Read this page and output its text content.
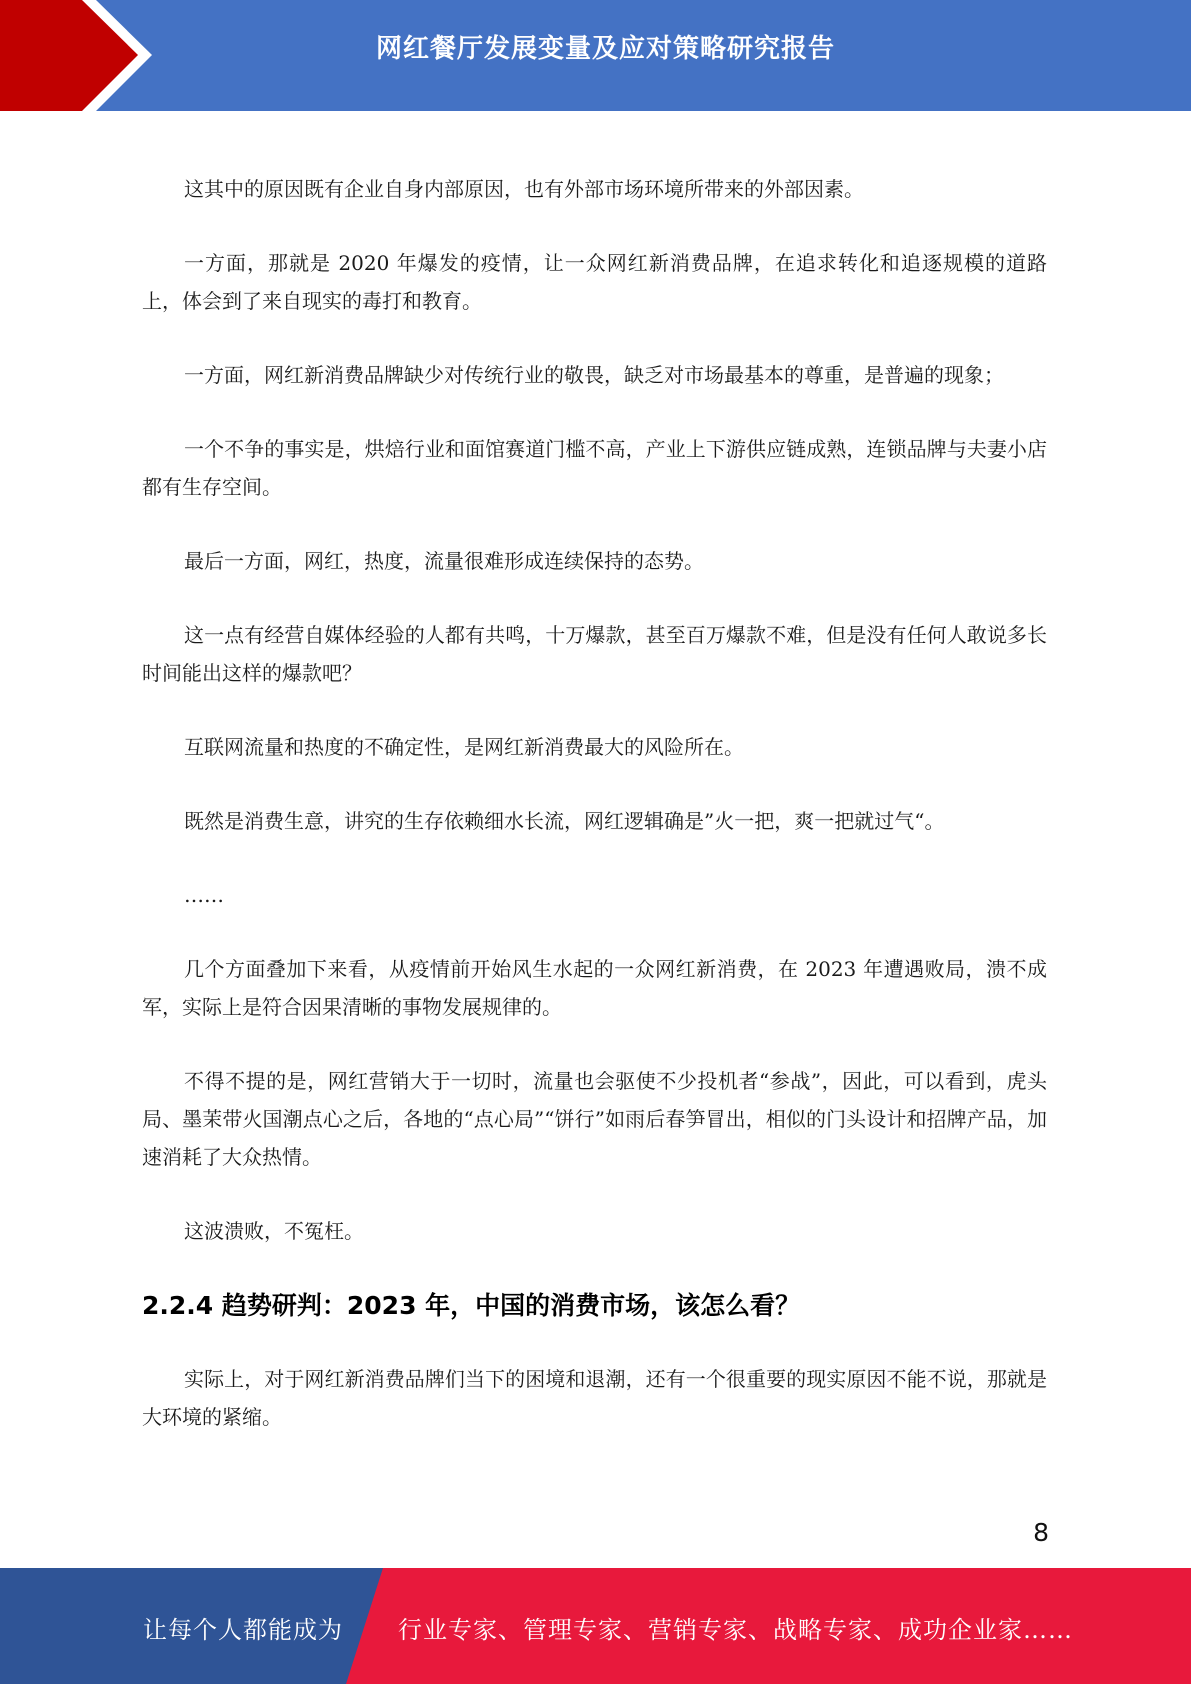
网红餐厅发展变量及应对策略研究报告

这其中的原因既有企业自身内部原因，也有外部市场环境所带来的外部因素。

一方面，那就是 2020 年爆发的疫情，让一众网红新消费品牌，在追求转化和追逐规模的道路上，体会到了来自现实的毒打和教育。

一方面，网红新消费品牌缺少对传统行业的敬畏，缺乏对市场最基本的尊重，是普遍的现象；

一个不争的事实是，烘焙行业和面馆赛道门槛不高，产业上下游供应链成熟，连锁品牌与夫妻小店都有生存空间。

最后一方面，网红，热度，流量很难形成连续保持的态势。

这一点有经营自媒体经验的人都有共鸣，十万爆款，甚至百万爆款不难，但是没有任何人敢说多长时间能出这样的爆款吧？

互联网流量和热度的不确定性，是网红新消费最大的风险所在。

既然是消费生意，讲究的生存依赖细水长流，网红逻辑确是”火一把，爽一把就过气“。

……

几个方面叠加下来看，从疫情前开始风生水起的一众网红新消费，在 2023 年遭遇败局，溃不成军，实际上是符合因果清晰的事物发展规律的。

不得不提的是，网红营销大于一切时，流量也会驱使不少投机者“参战”，因此，可以看到，虎头局、墨茉带火国潮点心之后，各地的“点心局”“饼行”如雨后春笋冒出，相似的门头设计和招牌产品，加速消耗了大众热情。

这波溃败，不冤枉。

2.2.4 趋势研判：2023 年，中国的消费市场，该怎么看？

实际上，对于网红新消费品牌们当下的困境和退潮，还有一个很重要的现实原因不能不说，那就是大环境的紧缩。

8
让每个人都能成为 行业专家、管理专家、营销专家、战略专家、成功企业家……
